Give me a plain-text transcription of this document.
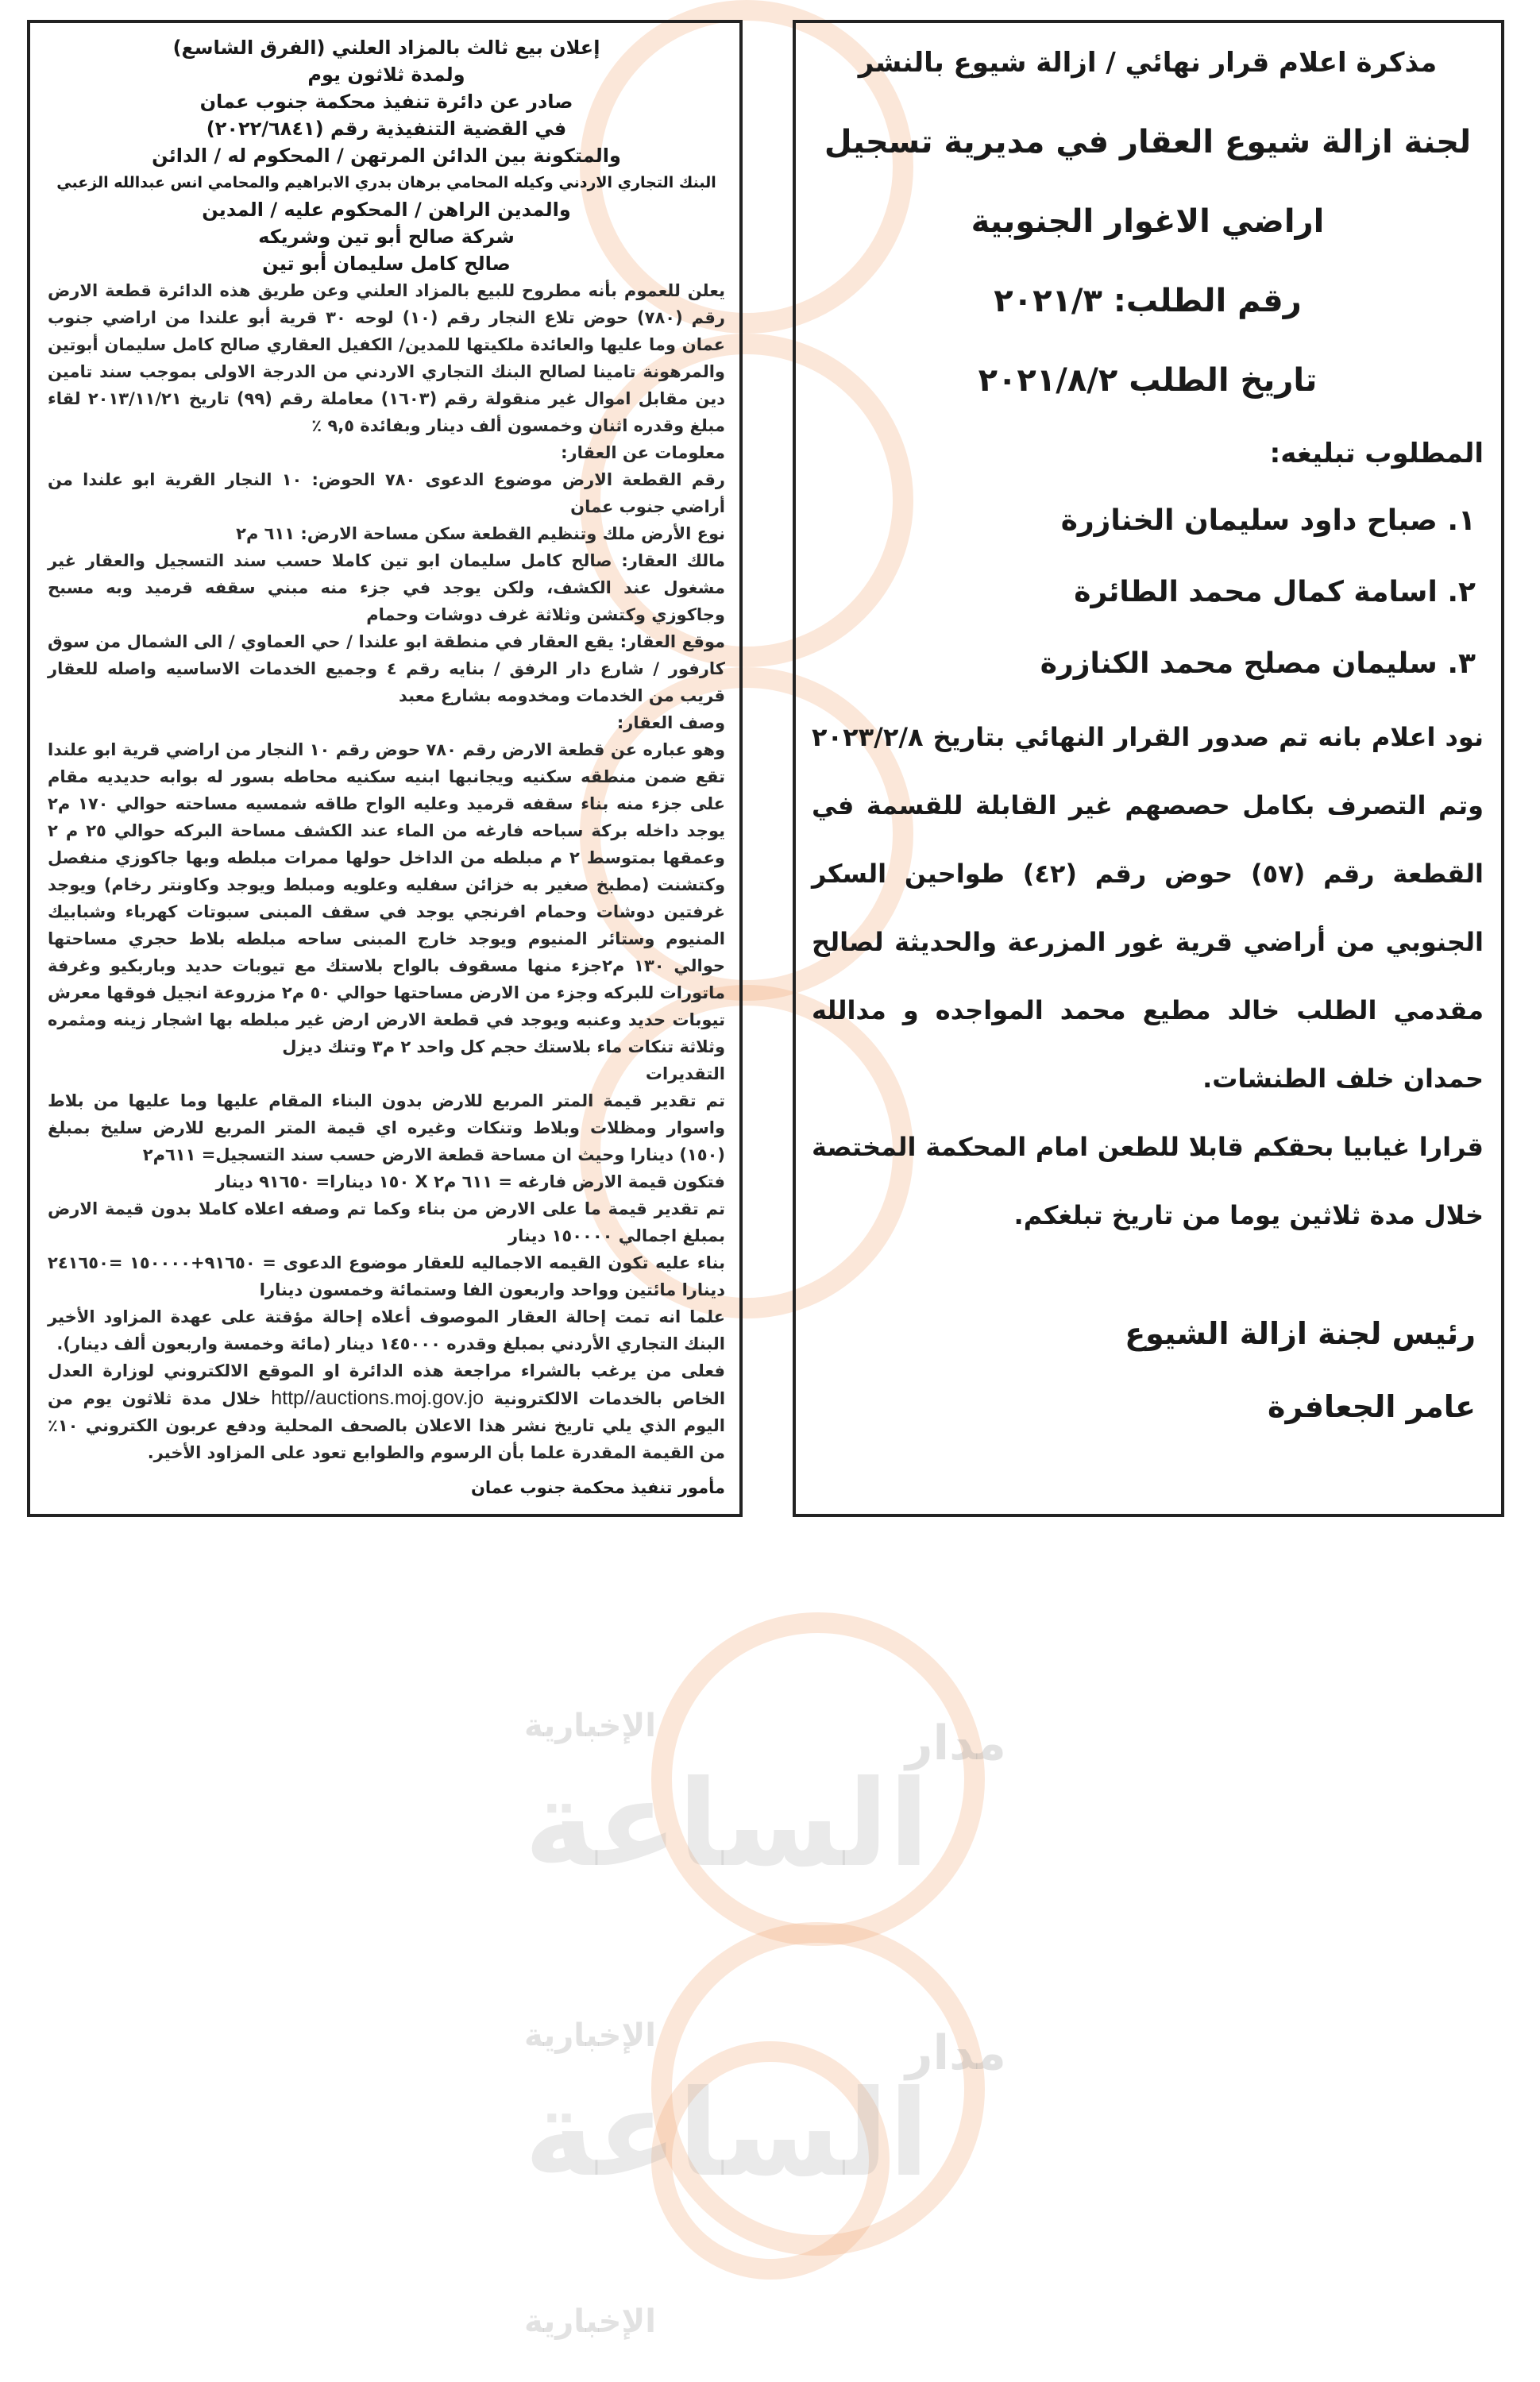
الإخبارية	مدار
الساعة
الإخبارية	مدار
الساعة
الإخبارية
إعلان بيع ثالث بالمزاد العلني (الفرق الشاسع)
ولمدة ثلاثون يوم
صادر عن دائرة تنفيذ محكمة جنوب عمان
في القضية التنفيذية رقم (٢٠٢٢/٦٨٤١)
والمتكونة بين الدائن المرتهن / المحكوم له / الدائن
البنك التجاري الاردني وكيله المحامي برهان بدري الابراهيم والمحامي انس عبدالله الزعبي
والمدين الراهن / المحكوم عليه / المدين
شركة صالح أبو تين وشريكه
صالح كامل سليمان أبو تين

يعلن للعموم بأنه مطروح للبيع بالمزاد العلني وعن طريق هذه الدائرة قطعة الارض رقم (٧٨٠) حوض تلاع النجار رقم (١٠) لوحه ٣٠ قرية أبو علندا من اراضي جنوب عمان وما عليها والعائدة ملكيتها للمدين/ الكفيل العقاري صالح كامل سليمان أبوتين والمرهونة تامينا لصالح البنك التجاري الاردني من الدرجة الاولى بموجب سند تامين دين مقابل اموال غير منقولة رقم (١٦٠٣) معاملة رقم (٩٩) تاريخ ٢٠١٣/١١/٢١ لقاء مبلغ وقدره اثنان وخمسون ألف دينار وبفائدة ٩,٥ ٪

معلومات عن العقار:

رقم القطعة الارض موضوع الدعوى ٧٨٠ الحوض: ١٠ النجار القرية ابو علندا من أراضي جنوب عمان

نوع الأرض ملك وتنظيم القطعة سكن مساحة الارض: ٦١١ م٢

مالك العقار: صالح كامل سليمان ابو تين كاملا حسب سند التسجيل والعقار غير مشغول عند الكشف، ولكن يوجد في جزء منه مبني سقفه قرميد وبه مسبح وجاكوزي وكتشن وثلاثة غرف دوشات وحمام

موقع العقار: يقع العقار في منطقة ابو علندا / حي العماوي / الى الشمال من سوق كارفور / شارع دار الرفق / بنايه رقم ٤ وجميع الخدمات الاساسيه واصله للعقار قريب من الخدمات ومخدومه بشارع معبد

وصف العقار:

وهو عباره عن قطعة الارض رقم ٧٨٠ حوض رقم ١٠ النجار من اراضي قرية ابو علندا تقع ضمن منطقه سكنيه ويجانبها ابنيه سكنيه محاطه بسور له بوابه حديديه مقام على جزء منه بناء سقفه قرميد وعليه الواح طاقه شمسيه مساحته حوالي ١٧٠ م٢ يوجد داخله بركة سباحه فارغه من الماء عند الكشف مساحة البركه حوالي ٢٥ م ٢ وعمقها بمتوسط ٢ م مبلطه من الداخل حولها ممرات مبلطه وبها جاكوزي منفصل وكتشنت (مطبخ صغير به خزائن سفليه وعلويه ومبلط ويوجد وكاونتر رخام) ويوجد غرفتين دوشات وحمام افرنجي يوجد في سقف المبنى سبوتات كهرباء وشبابيك المنيوم وستائر المنيوم ويوجد خارج المبنى ساحه مبلطه بلاط حجري مساحتها حوالي ١٣٠ م٢جزء منها مسقوف بالواح بلاستك مع تيوبات حديد وباربكيو وغرفة ماتورات للبركه وجزء من الارض مساحتها حوالي ٥٠ م٢ مزروعة انجيل فوقها معرش تيوبات حديد وعنبه ويوجد في قطعة الارض ارض غير مبلطه بها اشجار زينه ومثمره وثلاثة تنكات ماء بلاستك حجم كل واحد ٢ م٣ وتنك ديزل

التقديرات

تم تقدير قيمة المتر المربع للارض بدون البناء المقام عليها وما عليها من بلاط واسوار ومظلات وبلاط وتنكات وغيره اي قيمة المتر المربع للارض سليخ بمبلغ (١٥٠) دينارا وحيث ان مساحة قطعة الارض حسب سند التسجيل= ٦١١م٢

فتكون قيمة الارض فارغه = ٦١١ م٢ X ١٥٠ دينارا= ٩١٦٥٠ دينار

تم تقدير قيمة ما على الارض من بناء وكما تم وصفه اعلاه كاملا بدون قيمة الارض بمبلغ اجمالي ١٥٠٠٠٠ دينار

بناء عليه تكون القيمه الاجماليه للعقار موضوع الدعوى = ٩١٦٥٠+١٥٠٠٠٠ =٢٤١٦٥٠ دينارا مائتين وواحد واربعون الفا وستمائة وخمسون دينارا

علما انه تمت إحالة العقار الموصوف أعلاه إحالة مؤقتة على عهدة المزاود الأخير البنك التجاري الأردني بمبلغ وقدره ١٤٥٠٠٠ دينار (مائة وخمسة واربعون ألف دينار).

فعلى من يرغب بالشراء مراجعة هذه الدائرة او الموقع الالكتروني لوزارة العدل الخاص بالخدمات الالكترونية http//auctions.moj.gov.jo خلال مدة ثلاثون يوم من اليوم الذي يلي تاريخ نشر هذا الاعلان بالصحف المحلية ودفع عربون الكتروني ١٠٪ من القيمة المقدرة علما بأن الرسوم والطوابع تعود على المزاود الأخير.

مأمور تنفيذ محكمة جنوب عمان
مذكرة اعلام قرار نهائي / ازالة شيوع بالنشر
لجنة ازالة شيوع العقار في مديرية تسجيل
اراضي الاغوار الجنوبية
رقم الطلب: ٢٠٢١/٣
تاريخ الطلب ٢٠٢١/٨/٢
المطلوب تبليغه:
١. صباح داود سليمان الخنازرة
٢. اسامة كمال محمد الطائرة
٣. سليمان مصلح محمد الكنازرة

نود اعلام بانه تم صدور القرار النهائي بتاريخ ٢٠٢٣/٢/٨ وتم التصرف بكامل حصصهم غير القابلة للقسمة في القطعة رقم (٥٧) حوض رقم (٤٢) طواحين السكر الجنوبي من أراضي قرية غور المزرعة والحديثة لصالح مقدمي الطلب خالد مطيع محمد المواجده و مدالله حمدان خلف الطنشات.

قرارا غيابيا بحقكم قابلا للطعن امام المحكمة المختصة خلال مدة ثلاثين يوما من تاريخ تبلغكم.

رئيس لجنة ازالة الشيوع
عامر الجعافرة
